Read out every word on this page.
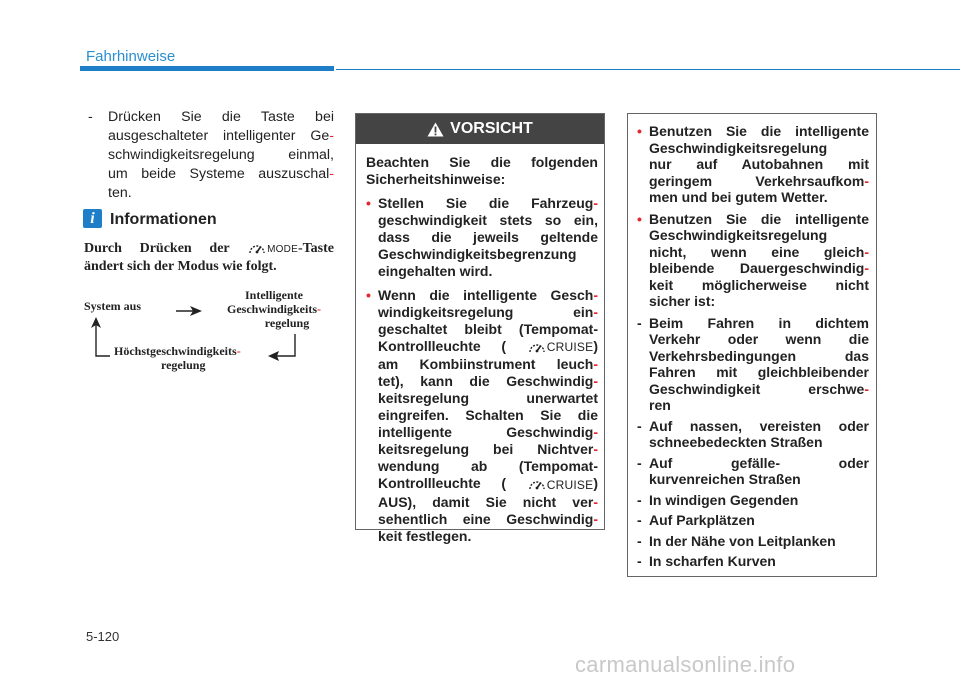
Fahrhinweise
-	Drücken Sie die Taste bei
ausgeschalteter intelligenter Ge-
schwindigkeitsregelung einmal,
um beide Systeme auszuschal-
ten.
i Informationen
Durch Drücken der	MODE-Taste
ändert sich der Modus wie folgt.
System aus
Intelligente
Geschwindigkeits-
regelung
Höchstgeschwindigkeits-
regelung
VORSICHT

Beachten Sie die folgenden Sicherheitshinweise:

• Stellen Sie die Fahrzeug-
geschwindigkeit stets so ein,
dass die jeweils geltende
Geschwindigkeitsbegrenzung
eingehalten wird.
• Wenn die intelligente Gesch-
windigkeitsregelung ein-
geschaltet bleibt (Tempomat-
Kontrollleuchte (	CRUISE)
am Kombiinstrument leuch-
tet), kann die Geschwindig-
keitsregelung unerwartet
eingreifen. Schalten Sie die
intelligente Geschwindig-
keitsregelung bei Nichtver-
wendung ab (Tempomat-
Kontrollleuchte (	CRUISE)
AUS), damit Sie nicht ver-
sehentlich eine Geschwindig-
keit festlegen.
• Benutzen Sie die intelligente
Geschwindigkeitsregelung
nur auf Autobahnen mit
geringem Verkehrsaufkom-
men und bei gutem Wetter.
• Benutzen Sie die intelligente
Geschwindigkeitsregelung
nicht, wenn eine gleich-
bleibende Dauergeschwindig-
keit möglicherweise nicht
sicher ist:
- Beim Fahren in dichtem
Verkehr oder wenn die
Verkehrsbedingungen das
Fahren mit gleichbleibender
Geschwindigkeit erschwe-
ren
- Auf nassen, vereisten oder
schneebedeckten Straßen
- Auf gefälle- oder
kurvenreichen Straßen
- In windigen Gegenden
- Auf Parkplätzen
- In der Nähe von Leitplanken
- In scharfen Kurven
5-120
carmanualsonline.info
